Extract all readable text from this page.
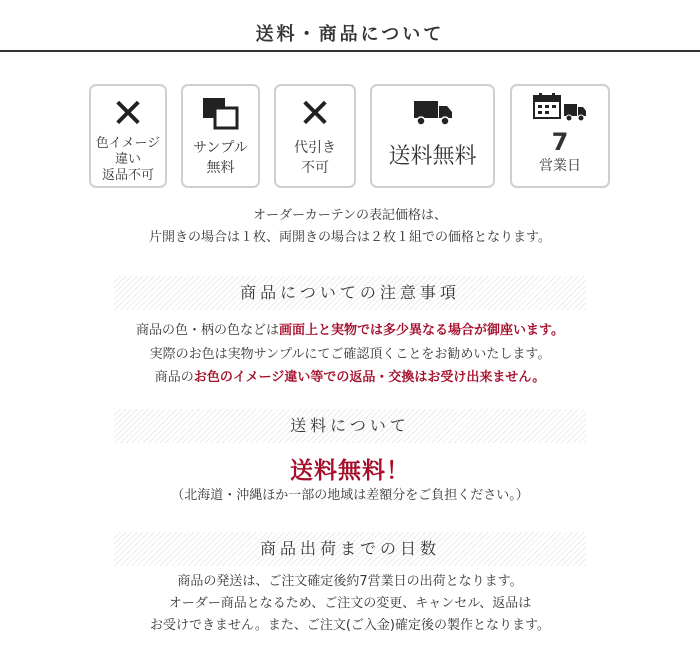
送料・商品について
✕
色イメージ
違い
返品不可
サンプル
無料
✕
代引き
不可	送料無料
7
営業日
オーダーカーテンの表記価格は、
片開きの場合は１枚、両開きの場合は２枚１組での価格となります。
商品についての注意事項
商品の色・柄の色などは画面上と実物では多少異なる場合が御座います。
実際のお色は実物サンプルにてご確認頂くことをお勧めいたします。
商品のお色のイメージ違い等での返品・交換はお受け出来ません。
送料について
送料無料！
（北海道・沖縄ほか一部の地域は差額分をご負担ください。）
商品出荷までの日数
商品の発送は、ご注文確定後約7営業日の出荷となります。
オーダー商品となるため、ご注文の変更、キャンセル、返品は
お受けできません。また、ご注文(ご入金)確定後の製作となります。
